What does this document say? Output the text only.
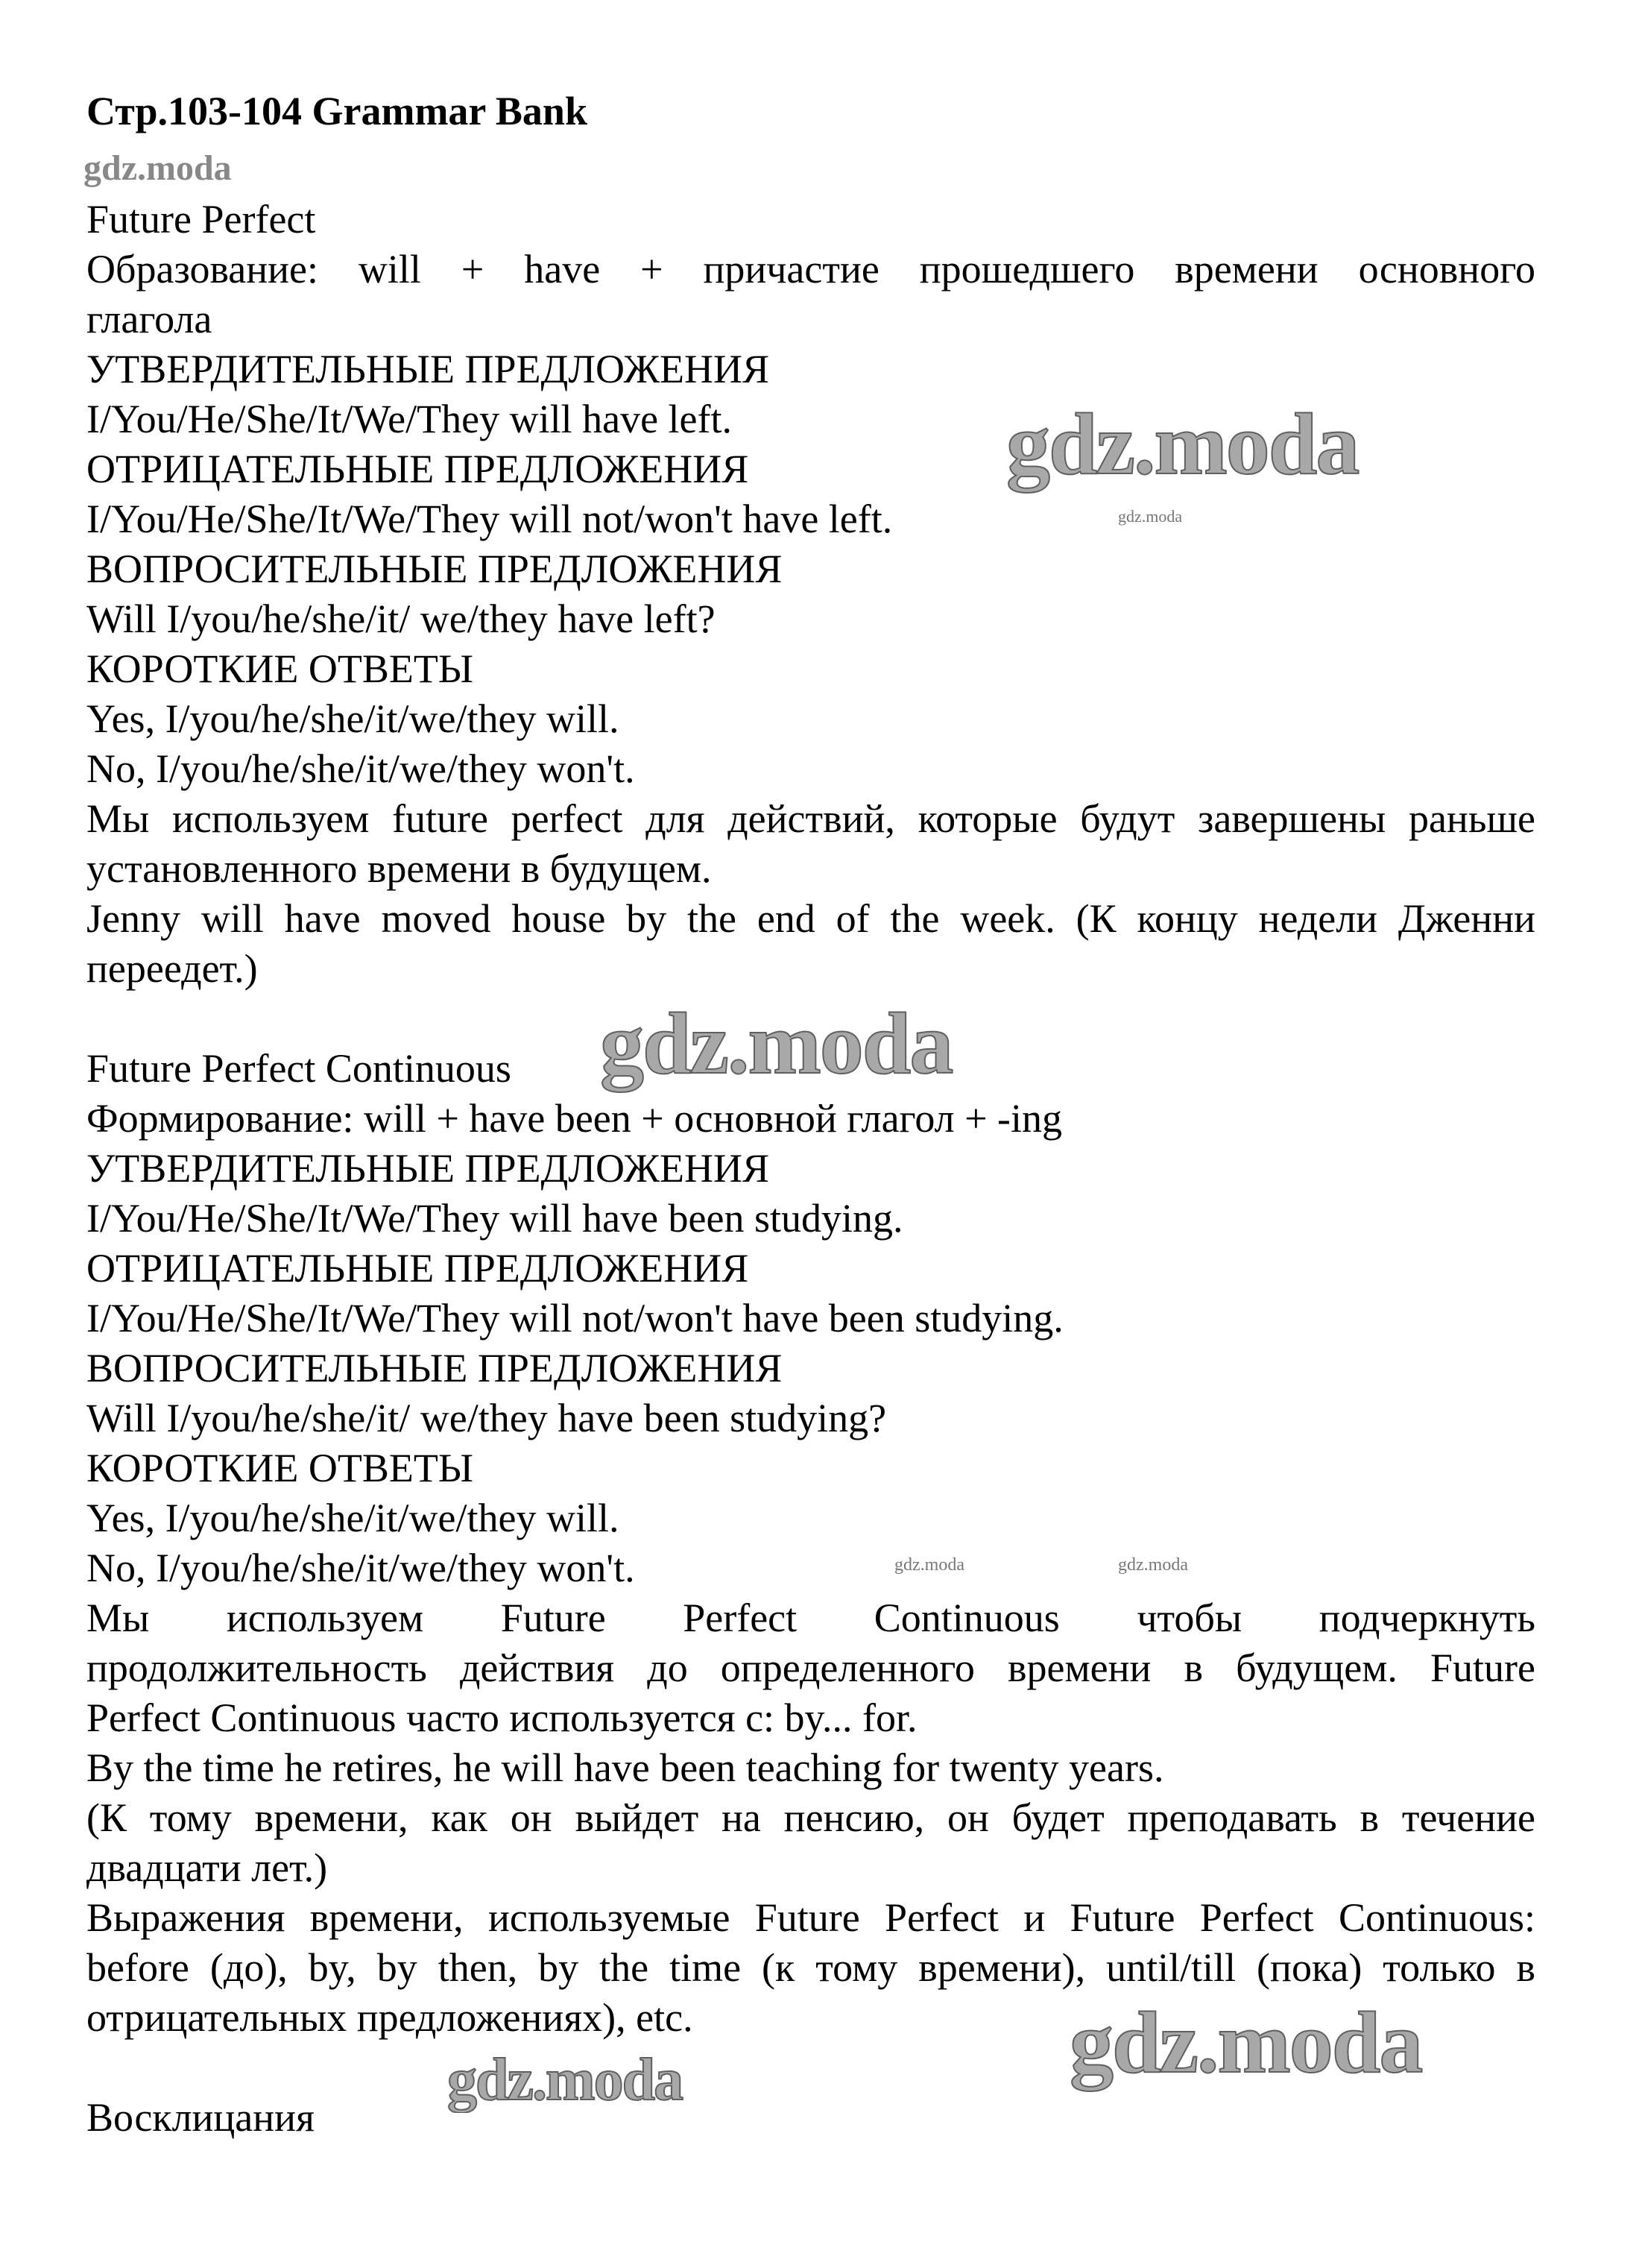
Стр.103-104 Grammar Bank
Future Perfect
Образование: will + have + причастие прошедшего времени основного
глагола
УТВЕРДИТЕЛЬНЫЕ ПРЕДЛОЖЕНИЯ
I/You/He/She/It/We/They will have left.
ОТРИЦАТЕЛЬНЫЕ ПРЕДЛОЖЕНИЯ
I/You/He/She/It/We/They will not/won't have left.
ВОПРОСИТЕЛЬНЫЕ ПРЕДЛОЖЕНИЯ
Will I/you/he/she/it/ we/they have left?
КОРОТКИЕ ОТВЕТЫ
Yes, I/you/he/she/it/we/they will.
No, I/you/he/she/it/we/they won't.
Мы используем future perfect для действий, которые будут завершены раньше
установленного времени в будущем.
Jenny will have moved house by the end of the week. (К концу недели Дженни
переедет.)
Future Perfect Continuous
Формирование: will + have been + основной глагол + -ing
УТВЕРДИТЕЛЬНЫЕ ПРЕДЛОЖЕНИЯ
I/You/He/She/It/We/They will have been studying.
ОТРИЦАТЕЛЬНЫЕ ПРЕДЛОЖЕНИЯ
I/You/He/She/It/We/They will not/won't have been studying.
ВОПРОСИТЕЛЬНЫЕ ПРЕДЛОЖЕНИЯ
Will I/you/he/she/it/ we/they have been studying?
КОРОТКИЕ ОТВЕТЫ
Yes, I/you/he/she/it/we/they will.
No, I/you/he/she/it/we/they won't.
Мы используем Future Perfect Continuous чтобы подчеркнуть
продолжительность действия до определенного времени в будущем. Future
Perfect Continuous часто используется с: by... for.
By the time he retires, he will have been teaching for twenty years.
(К тому времени, как он выйдет на пенсию, он будет преподавать в течение
двадцати лет.)
Выражения времени, используемые Future Perfect и Future Perfect Continuous:
before (до), by, by then, by the time (к тому времени), until/till (пока) только в
отрицательных предложениях), etc.
Восклицания
gdz.moda
gdz.moda
gdz.moda
gdz.moda
gdz.moda	gdz.moda
gdz.moda
gdz.moda
